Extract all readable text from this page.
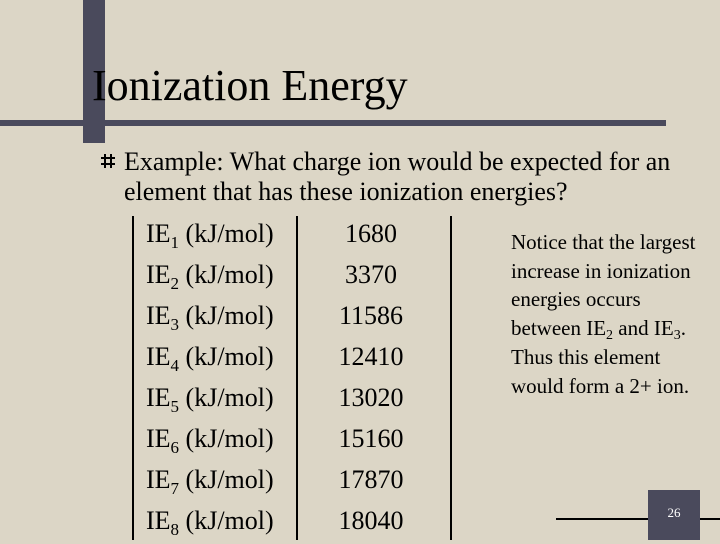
Ionization Energy
Example: What charge ion would be expected for an element that has these ionization energies?
$IE_1$ (kJ/mol)	1680
$IE_2$ (kJ/mol)	3370
$IE_3$ (kJ/mol)	11586
$IE_4$ (kJ/mol)	12410
$IE_5$ (kJ/mol)	13020
$IE_6$ (kJ/mol)	15160
$IE_7$ (kJ/mol)	17870
$IE_8$ (kJ/mol)	18040
Notice that the largest increase in ionization energies occurs between $IE_2$ and $IE_3$. Thus this element would form a 2+ ion.
26
